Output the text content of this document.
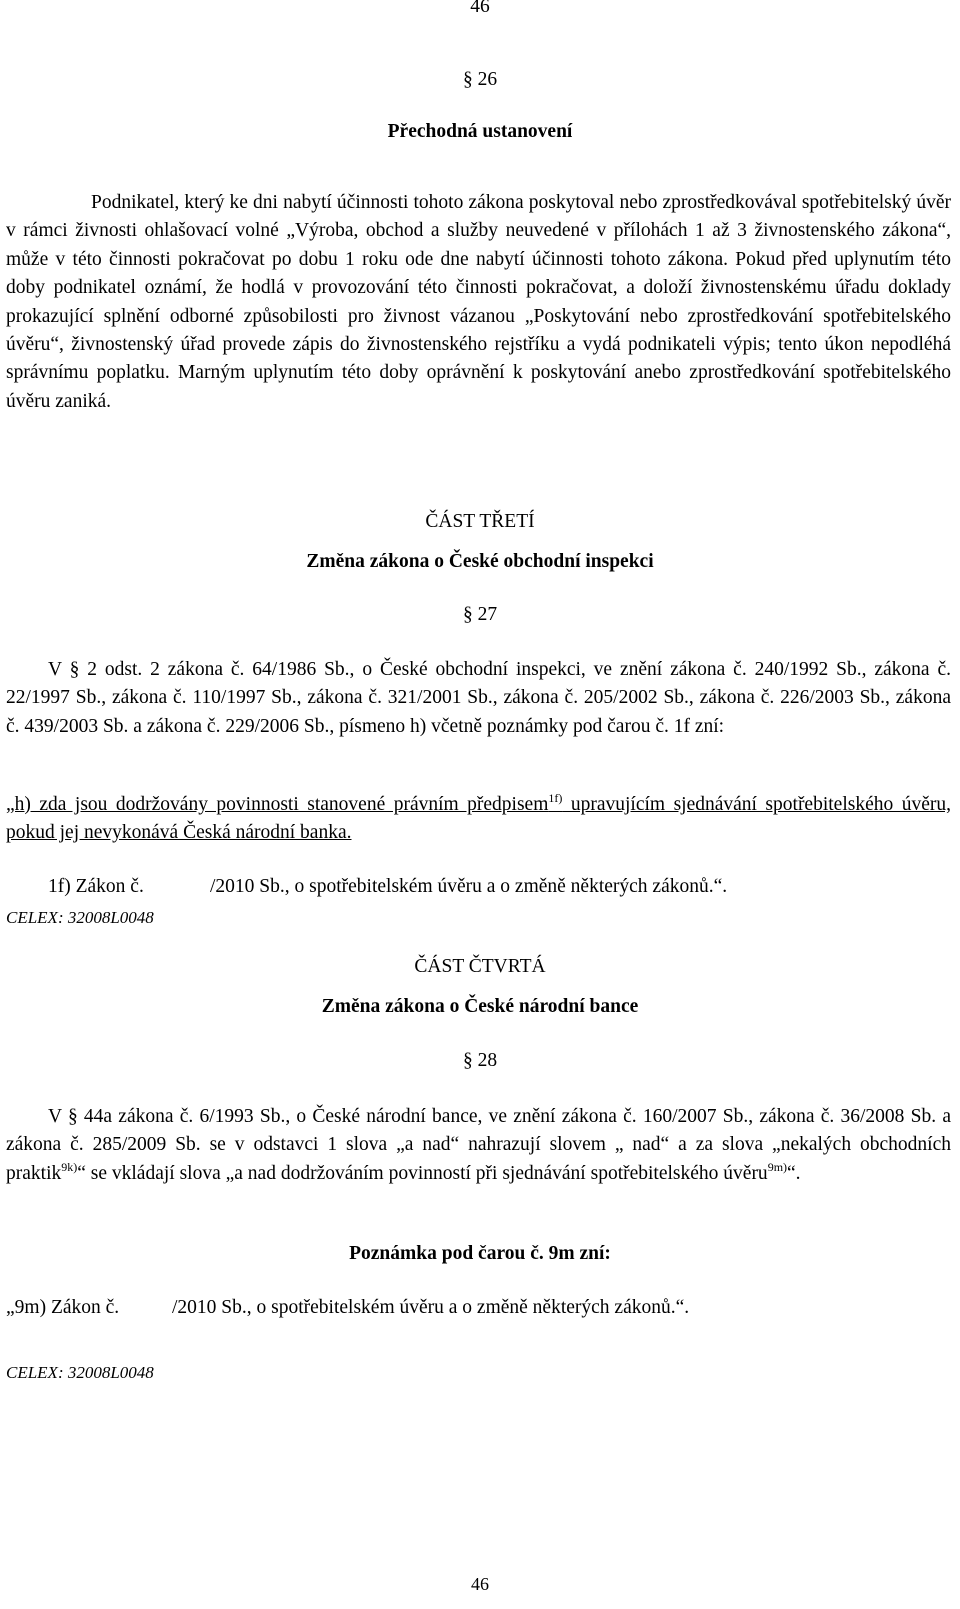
46
§ 26
Přechodná ustanovení

Podnikatel, který ke dni nabytí účinnosti tohoto zákona poskytoval nebo zprostředkovával spotřebitelský úvěr v rámci živnosti ohlašovací volné „Výroba, obchod a služby neuvedené v přílohách 1 až 3 živnostenského zákona“, může v této činnosti pokračovat po dobu 1 roku ode dne nabytí účinnosti tohoto zákona. Pokud před uplynutím této doby podnikatel oznámí, že hodlá v provozování této činnosti pokračovat, a doloží živnostenskému úřadu doklady prokazující splnění odborné způsobilosti pro živnost vázanou „Poskytování nebo zprostředkování spotřebitelského úvěru“, živnostenský úřad provede zápis do živnostenského rejstříku a vydá podnikateli výpis; tento úkon nepodléhá správnímu poplatku. Marným uplynutím této doby oprávnění k poskytování anebo zprostředkování spotřebitelského úvěru zaniká.

ČÁST TŘETÍ
Změna zákona o České obchodní inspekci
§ 27

V § 2 odst. 2 zákona č. 64/1986 Sb., o České obchodní inspekci, ve znění zákona č. 240/1992 Sb., zákona č. 22/1997 Sb., zákona č. 110/1997 Sb., zákona č. 321/2001 Sb., zákona č. 205/2002 Sb., zákona č. 226/2003 Sb., zákona č. 439/2003 Sb. a zákona č. 229/2006 Sb., písmeno h) včetně poznámky pod čarou č. 1f zní:

„h) zda jsou dodržovány povinnosti stanovené právním předpisem$^{1f)}$ upravujícím sjednávání spotřebitelského úvěru, pokud jej nevykonává Česká národní banka.

1f) Zákon č.	/2010 Sb., o spotřebitelském úvěru a o změně některých zákonů.“.
CELEX: 32008L0048
ČÁST ČTVRTÁ
Změna zákona o České národní bance
§ 28

V § 44a zákona č. 6/1993 Sb., o České národní bance, ve znění zákona č. 160/2007 Sb., zákona č. 36/2008 Sb. a zákona č. 285/2009 Sb. se v odstavci 1 slova „a nad“ nahrazují slovem „ nad“ a za slova „nekalých obchodních praktik$^{9k)}$“ se vkládají slova „a nad dodržováním povinností při sjednávání spotřebitelského úvěru$^{9m)}$“.

Poznámka pod čarou č. 9m zní:
„9m) Zákon č.	/2010 Sb., o spotřebitelském úvěru a o změně některých zákonů.“.
CELEX: 32008L0048
46
